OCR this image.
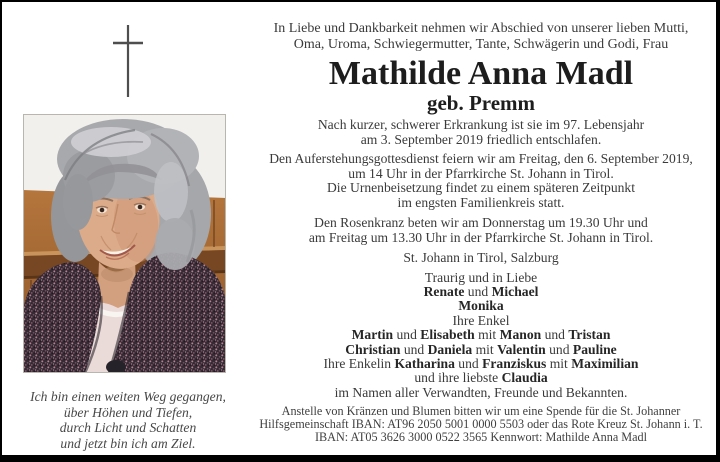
Ich bin einen weiten Weg gegangen,
über Höhen und Tiefen,
durch Licht und Schatten
und jetzt bin ich am Ziel.
In Liebe und Dankbarkeit nehmen wir Abschied von unserer lieben Mutti,
Oma, Uroma, Schwiegermutter, Tante, Schwägerin und Godi, Frau
Mathilde Anna Madl
geb. Premm
Nach kurzer, schwerer Erkrankung ist sie im 97. Lebensjahr
am 3. September 2019 friedlich entschlafen.
Den Auferstehungsgottesdienst feiern wir am Freitag, den 6. September 2019,
um 14 Uhr in der Pfarrkirche St. Johann in Tirol.
Die Urnenbeisetzung findet zu einem späteren Zeitpunkt
im engsten Familienkreis statt.
Den Rosenkranz beten wir am Donnerstag um 19.30 Uhr und
am Freitag um 13.30 Uhr in der Pfarrkirche St. Johann in Tirol.
St. Johann in Tirol, Salzburg
Traurig und in Liebe
Renate und Michael
Monika
Ihre Enkel
Martin und Elisabeth mit Manon und Tristan
Christian und Daniela mit Valentin und Pauline
Ihre Enkelin Katharina und Franziskus mit Maximilian
und ihre liebste Claudia
im Namen aller Verwandten, Freunde und Bekannten.
Anstelle von Kränzen und Blumen bitten wir um eine Spende für die St. Johanner
Hilfsgemeinschaft IBAN: AT96 2050 5001 0000 5503 oder das Rote Kreuz St. Johann i. T.
IBAN: AT05 3626 3000 0522 3565 Kennwort: Mathilde Anna Madl
